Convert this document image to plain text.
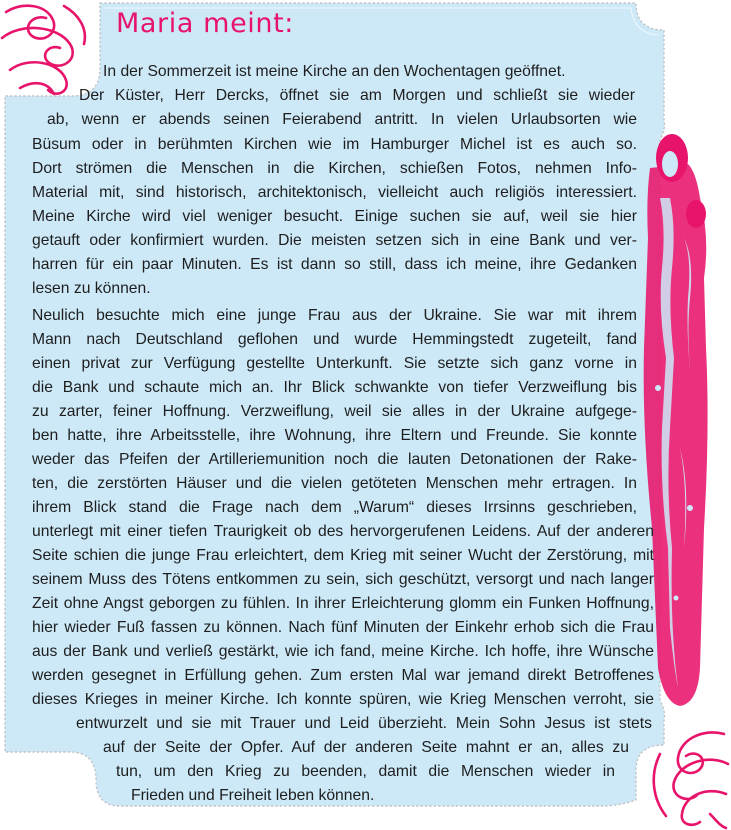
Maria meint:
In der Sommerzeit ist meine Kirche an den Wochentagen geöffnet.
Der Küster, Herr Dercks, öffnet sie am Morgen und schließt sie wieder
ab, wenn er abends seinen Feierabend antritt. In vielen Urlaubsorten wie
Büsum oder in berühmten Kirchen wie im Hamburger Michel ist es auch so.
Dort strömen die Menschen in die Kirchen, schießen Fotos, nehmen Info-
Material mit, sind historisch, architektonisch, vielleicht auch religiös interessiert.
Meine Kirche wird viel weniger besucht. Einige suchen sie auf, weil sie hier
getauft oder konfirmiert wurden. Die meisten setzen sich in eine Bank und ver-
harren für ein paar Minuten. Es ist dann so still, dass ich meine, ihre Gedanken
lesen zu können.
Neulich besuchte mich eine junge Frau aus der Ukraine. Sie war mit ihrem
Mann nach Deutschland geflohen und wurde Hemmingstedt zugeteilt, fand
einen privat zur Verfügung gestellte Unterkunft. Sie setzte sich ganz vorne in
die Bank und schaute mich an. Ihr Blick schwankte von tiefer Verzweiflung bis
zu zarter, feiner Hoffnung. Verzweiflung, weil sie alles in der Ukraine aufgege-
ben hatte, ihre Arbeitsstelle, ihre Wohnung, ihre Eltern und Freunde. Sie konnte
weder das Pfeifen der Artilleriemunition noch die lauten Detonationen der Rake-
ten, die zerstörten Häuser und die vielen getöteten Menschen mehr ertragen. In
ihrem Blick stand die Frage nach dem „Warum“ dieses Irrsinns geschrieben,
unterlegt mit einer tiefen Traurigkeit ob des hervorgerufenen Leidens. Auf der anderen
Seite schien die junge Frau erleichtert, dem Krieg mit seiner Wucht der Zerstörung, mit
seinem Muss des Tötens entkommen zu sein, sich geschützt, versorgt und nach langer
Zeit ohne Angst geborgen zu fühlen. In ihrer Erleichterung glomm ein Funken Hoffnung,
hier wieder Fuß fassen zu können. Nach fünf Minuten der Einkehr erhob sich die Frau
aus der Bank und verließ gestärkt, wie ich fand, meine Kirche. Ich hoffe, ihre Wünsche
werden gesegnet in Erfüllung gehen. Zum ersten Mal war jemand direkt Betroffenes
dieses Krieges in meiner Kirche. Ich konnte spüren, wie Krieg Menschen verroht, sie
entwurzelt und sie mit Trauer und Leid überzieht. Mein Sohn Jesus ist stets
auf der Seite der Opfer. Auf der anderen Seite mahnt er an, alles zu
tun, um den Krieg zu beenden, damit die Menschen wieder in
Frieden und Freiheit leben können.
